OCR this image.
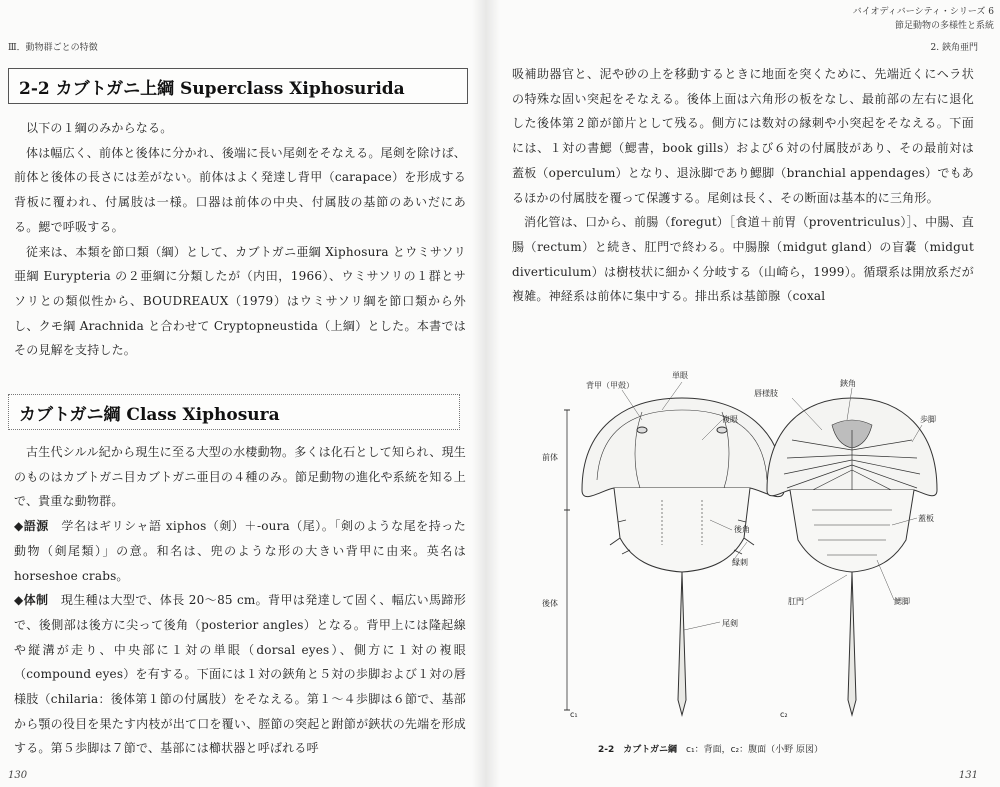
Ⅲ．動物群ごとの特徴
2-2 カブトガニ上綱 Superclass Xiphosurida

以下の１綱のみからなる。

体は幅広く、前体と後体に分かれ、後端に長い尾剣をそなえる。尾剣を除けば、前体と後体の長さには差がない。前体はよく発達し背甲（carapace）を形成する背板に覆われ、付属肢は一様。口器は前体の中央、付属肢の基節のあいだにある。鰓で呼吸する。

従来は、本類を節口類（綱）として、カブトガニ亜綱 Xiphosura とウミサソリ亜綱 Eurypteria の２亜綱に分類したが（内田，1966）、ウミサソリの１群とサソリとの類似性から、BOUDREAUX（1979）はウミサソリ綱を節口類から外し、クモ綱 Arachnida と合わせて Cryptopneustida（上綱）とした。本書ではその見解を支持した。

カブトガニ綱 Class Xiphosura

古生代シルル紀から現生に至る大型の水棲動物。多くは化石として知られ、現生のものはカブトガニ目カブトガニ亜目の４種のみ。節足動物の進化や系統を知る上で、貴重な動物群。

◆語源　 学名はギリシャ語 xiphos（剣）＋-oura（尾）。「剣のような尾を持った動物（剣尾類）」の意。和名は、兜のような形の大きい背甲に由来。英名は horseshoe crabs。

◆体制　 現生種は大型で、体長 20〜85 cm。背甲は発達して固く、幅広い馬蹄形で、後側部は後方に尖って後角（posterior angles）となる。背甲上には隆起線や縦溝が走り、中央部に１対の単眼（dorsal eyes）、側方に１対の複眼（compound eyes）を有する。下面には１対の鋏角と５対の歩脚および１対の唇様肢（chilaria：後体第１節の付属肢）をそなえる。第１〜４歩脚は６節で、基部から顎の役目を果たす内枝が出て口を覆い、脛節の突起と跗節が鋏状の先端を形成する。第５歩脚は７節で、基部には櫛状器と呼ばれる呼

130
バイオディバーシティ・シリーズ 6
節足動物の多様性と系統
2. 鋏角亜門

吸補助器官と、泥や砂の上を移動するときに地面を突くために、先端近くにヘラ状の特殊な固い突起をそなえる。後体上面は六角形の板をなし、最前部の左右に退化した後体第２節が節片として残る。側方には数対の縁刺や小突起をそなえる。下面には、１対の書鰓（鰓書，book gills）および６対の付属肢があり、その最前対は蓋板（operculum）となり、退泳脚であり鰓脚（branchial appendages）でもあるほかの付属肢を覆って保護する。尾剣は長く、その断面は基本的に三角形。

消化管は、口から、前腸（foregut）［食道＋前胃（proventriculus）］、中腸、直腸（rectum）と続き、肛門で終わる。中腸腺（midgut gland）の盲嚢（midgut diverticulum）は樹枝状に細かく分岐する（山崎ら，1999）。循環系は開放系だが複雑。神経系は前体に集中する。排出系は基節腺（coxal

背甲（甲殻）
単眼
複眼
前体
後体
後角
縁刺
尾剣
c₁
唇様肢
鋏角
歩脚
蓋板
肛門	鰓脚
c₂
2-2　 カブトガニ綱　 c₁：背面，c₂：腹面（小野 原図）
131
